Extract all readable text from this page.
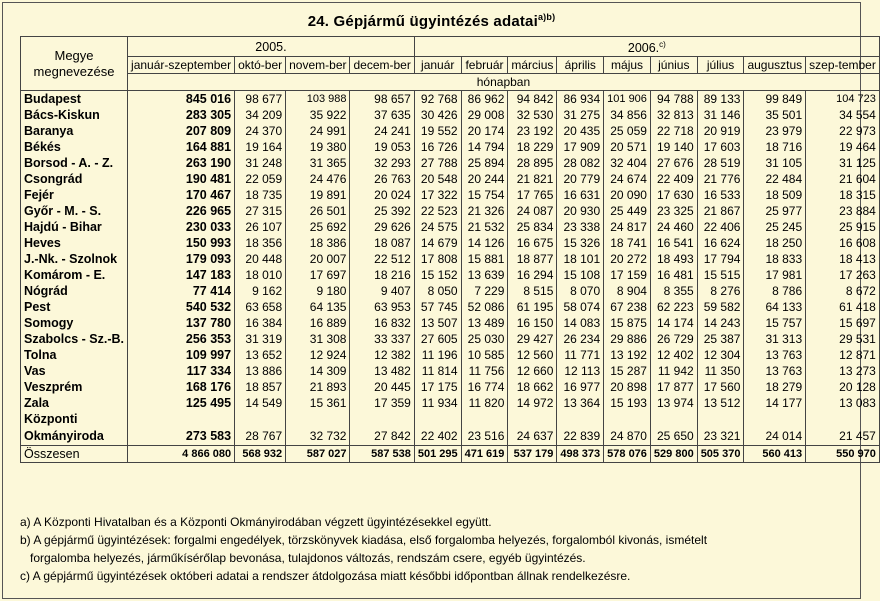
24. Gépjármű ügyintézés adatai$^{a)b)}$
Megye
megnevezése	2005.				2006.$^{c)}$
	január-szeptember	októ-ber	novem-ber	decem-ber	január	február	március	április	május	június	július	augusztus	szep-tember
	hónapban												
Budapest	845 016	98 677	103 988	98 657	92 768	86 962	94 842	86 934	101 906	94 788	89 133	99 849	104 723
Bács-Kiskun	283 305	34 209	35 922	37 635	30 426	29 008	32 530	31 275	34 856	32 813	31 146	35 501	34 554
Baranya	207 809	24 370	24 991	24 241	19 552	20 174	23 192	20 435	25 059	22 718	20 919	23 979	22 973
Békés	164 881	19 164	19 380	19 053	16 726	14 794	18 229	17 909	20 571	19 140	17 603	18 716	19 464
Borsod - A. - Z.	263 190	31 248	31 365	32 293	27 788	25 894	28 895	28 082	32 404	27 676	28 519	31 105	31 125
Csongrád	190 481	22 059	24 476	26 763	20 548	20 244	21 821	20 779	24 674	22 409	21 776	22 484	21 604
Fejér	170 467	18 735	19 891	20 024	17 322	15 754	17 765	16 631	20 090	17 630	16 533	18 509	18 315
Győr - M. - S.	226 965	27 315	26 501	25 392	22 523	21 326	24 087	20 930	25 449	23 325	21 867	25 977	23 884
Hajdú - Bihar	230 033	26 107	25 692	29 626	24 575	21 532	25 834	23 338	24 817	24 460	22 406	25 245	25 915
Heves	150 993	18 356	18 386	18 087	14 679	14 126	16 675	15 326	18 741	16 541	16 624	18 250	16 608
J.-Nk. - Szolnok	179 093	20 448	20 007	22 512	17 808	15 881	18 877	18 101	20 272	18 493	17 794	18 833	18 413
Komárom - E.	147 183	18 010	17 697	18 216	15 152	13 639	16 294	15 108	17 159	16 481	15 515	17 981	17 263
Nógrád	77 414	9 162	9 180	9 407	8 050	7 229	8 515	8 070	8 904	8 355	8 276	8 786	8 672
Pest	540 532	63 658	64 135	63 953	57 745	52 086	61 195	58 074	67 238	62 223	59 582	64 133	61 418
Somogy	137 780	16 384	16 889	16 832	13 507	13 489	16 150	14 083	15 875	14 174	14 243	15 757	15 697
Szabolcs - Sz.-B.	256 353	31 319	31 308	33 337	27 605	25 030	29 427	26 234	29 886	26 729	25 387	31 313	29 531
Tolna	109 997	13 652	12 924	12 382	11 196	10 585	12 560	11 771	13 192	12 402	12 304	13 763	12 871
Vas	117 334	13 886	14 309	13 482	11 814	11 756	12 660	12 113	15 287	11 942	11 350	13 763	13 273
Veszprém	168 176	18 857	21 893	20 445	17 175	16 774	18 662	16 977	20 898	17 877	17 560	18 279	20 128
Zala	125 495	14 549	15 361	17 359	11 934	11 820	14 972	13 364	15 193	13 974	13 512	14 177	13 083
Központi
Okmányiroda	273 583	28 767	32 732	27 842	22 402	23 516	24 637	22 839	24 870	25 650	23 321	24 014	21 457
Összesen	4 866 080	568 932	587 027	587 538	501 295	471 619	537 179	498 373	578 076	529 800	505 370	560 413	550 970
a) A Központi Hivatalban és a Központi Okmányirodában végzett ügyintézésekkel együtt.
b) A gépjármű ügyintézések: forgalmi engedélyek, törzskönyvek kiadása, első forgalomba helyezés, forgalomból kivonás, ismételt
forgalomba helyezés, járműkísérőlap bevonása, tulajdonos változás, rendszám csere, egyéb ügyintézés.
c) A gépjármű ügyintézések októberi adatai a rendszer átdolgozása miatt későbbi időpontban állnak rendelkezésre.
